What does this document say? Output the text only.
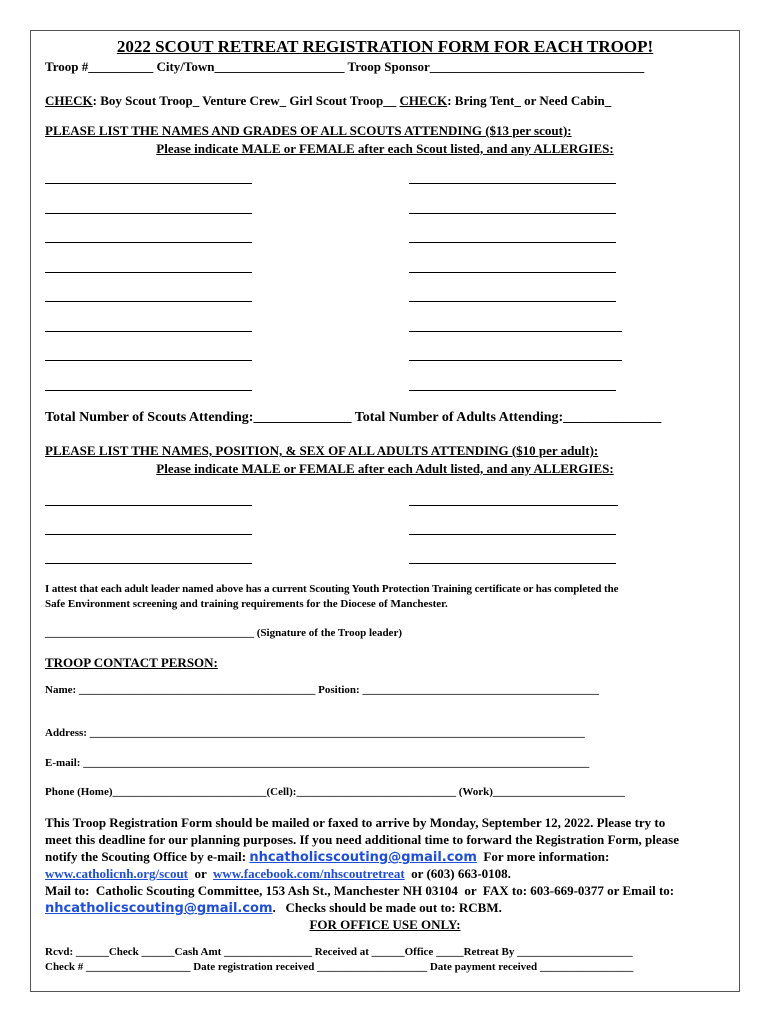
2022 SCOUT RETREAT REGISTRATION FORM FOR EACH TROOP!
Troop #__________ City/Town____________________ Troop Sponsor_________________________________
CHECK: Boy Scout Troop_ Venture Crew_ Girl Scout Troop__ CHECK: Bring Tent_ or Need Cabin_
PLEASE LIST THE NAMES AND GRADES OF ALL SCOUTS ATTENDING ($13 per scout):
Please indicate MALE or FEMALE after each Scout listed, and any ALLERGIES:
Total Number of Scouts Attending:______________ Total Number of Adults Attending:______________
PLEASE LIST THE NAMES, POSITION, & SEX OF ALL ADULTS ATTENDING ($10 per adult):
Please indicate MALE or FEMALE after each Adult listed, and any ALLERGIES:
I attest that each adult leader named above has a current Scouting Youth Protection Training certificate or has completed the
Safe Environment screening and training requirements for the Diocese of Manchester.
______________________________________ (Signature of the Troop leader)
TROOP CONTACT PERSON:
Name: ___________________________________________ Position: ___________________________________________
Address: __________________________________________________________________________________________
E-mail: ____________________________________________________________________________________________
Phone (Home)____________________________(Cell):_____________________________ (Work)________________________
This Troop Registration Form should be mailed or faxed to arrive by Monday, September 12, 2022. Please try to
meet this deadline for our planning purposes. If you need additional time to forward the Registration Form, please
notify the Scouting Office by e-mail: nhcatholicscouting@gmail.com  For more information:
www.catholicnh.org/scout  or  www.facebook.com/nhscoutretreat  or (603) 663-0108.
Mail to:  Catholic Scouting Committee, 153 Ash St., Manchester NH 03104  or  FAX to: 603-669-0377 or Email to:
nhcatholicscouting@gmail.com.   Checks should be made out to: RCBM.
FOR OFFICE USE ONLY:
Rcvd: ______Check ______Cash Amt ________________ Received at ______Office _____Retreat By _____________________
Check # ___________________ Date registration received ____________________ Date payment received _________________
